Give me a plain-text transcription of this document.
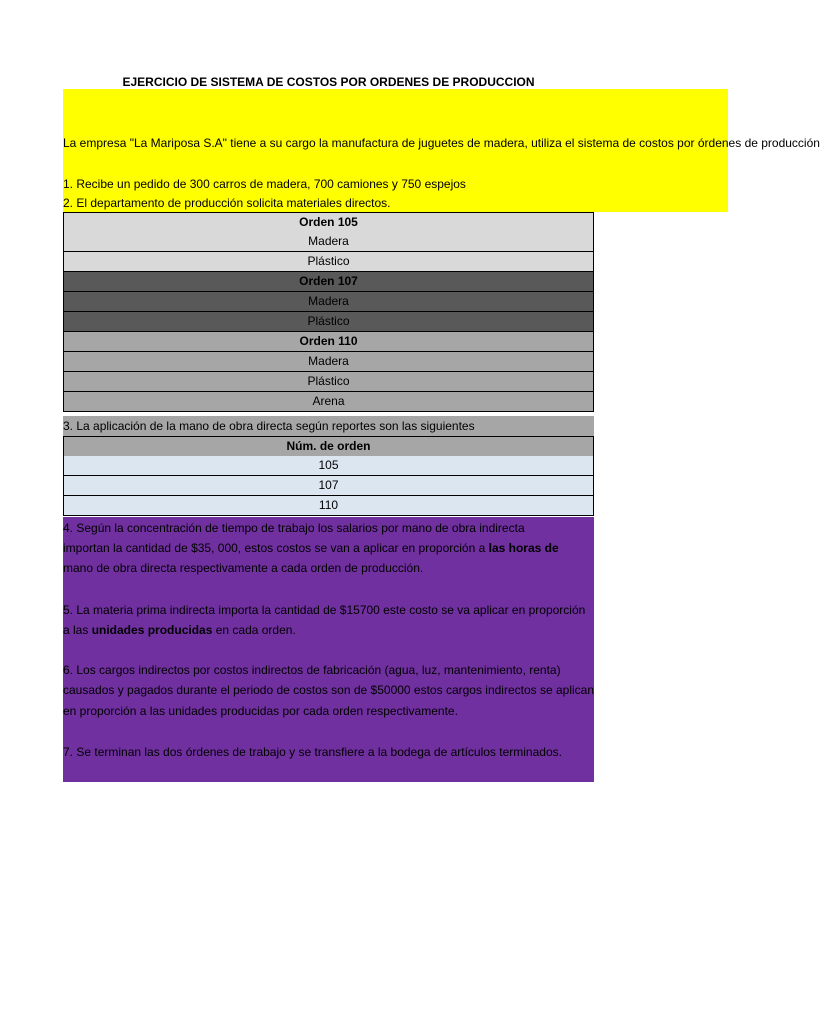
EJERCICIO DE SISTEMA DE COSTOS POR ORDENES DE PRODUCCION
La empresa "La Mariposa S.A" tiene a su cargo la manufactura de juguetes de madera, utiliza el sistema de costos por órdenes de producción
1. Recibe un pedido de 300 carros de madera, 700 camiones y 750 espejos
2. El departamento de producción solicita materiales directos.
Orden 105
Madera
Plástico
Orden 107
Madera
Plástico
Orden 110
Madera
Plástico
Arena
3. La aplicación de la mano de obra directa según reportes son las siguientes
Núm. de orden
105
107
110
4. Según la concentración de tiempo de trabajo los salarios por mano de obra indirecta
importan la cantidad de $35, 000, estos costos se van a aplicar en proporción a las horas de
mano de obra directa respectivamente a cada orden de producción.
5. La materia prima indirecta importa la cantidad de $15700 este costo se va aplicar en proporción
a las unidades producidas en cada orden.
6. Los cargos indirectos por costos indirectos de fabricación (agua, luz, mantenimiento, renta)
causados y pagados durante el periodo de costos son de $50000 estos cargos indirectos se aplican
en proporción a las unidades producidas por cada orden respectivamente.
7. Se terminan las dos órdenes de trabajo y se transfiere a la bodega de artículos terminados.
